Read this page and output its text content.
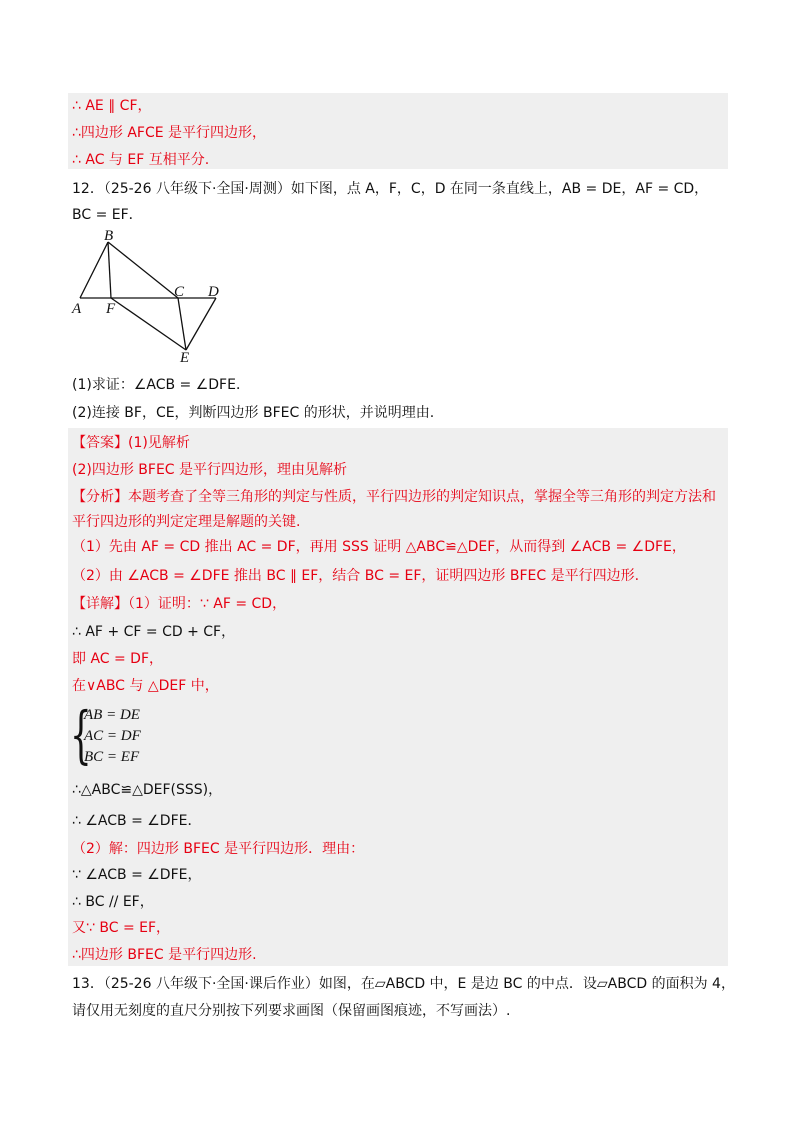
∴ AE ∥ CF，
∴四边形 AFCE 是平行四边形，
∴ AC 与 EF 互相平分.
12．（25-26 八年级下·全国·周测）如下图，点 A，F，C，D 在同一条直线上，AB = DE，AF = CD，
BC = EF．
B
A F
C D
E
(1)求证：∠ACB = ∠DFE．
(2)连接 BF，CE，判断四边形 BFEC 的形状，并说明理由.
【答案】(1)见解析
(2)四边形 BFEC 是平行四边形，理由见解析
【分析】本题考查了全等三角形的判定与性质，平行四边形的判定知识点，掌握全等三角形的判定方法和
平行四边形的判定定理是解题的关键.
（1）先由 AF = CD 推出 AC = DF，再用 SSS 证明 △ABC≌△DEF，从而得到 ∠ACB = ∠DFE，
（2）由 ∠ACB = ∠DFE 推出 BC ∥ EF，结合 BC = EF，证明四边形 BFEC 是平行四边形.
【详解】（1）证明：∵ AF = CD，
∴ AF + CF = CD + CF，
即 AC = DF，
在∨ABC 与 △DEF 中，
{
AB = DE
AC = DF
BC = EF
∴△ABC≌△DEF(SSS)，
∴ ∠ACB = ∠DFE．
（2）解：四边形 BFEC 是平行四边形．理由：
∵ ∠ACB = ∠DFE，
∴ BC // EF，
又∵ BC = EF，
∴四边形 BFEC 是平行四边形.
13．（25-26 八年级下·全国·课后作业）如图，在▱ABCD 中，E 是边 BC 的中点．设▱ABCD 的面积为 4，
请仅用无刻度的直尺分别按下列要求画图（保留画图痕迹，不写画法）.
